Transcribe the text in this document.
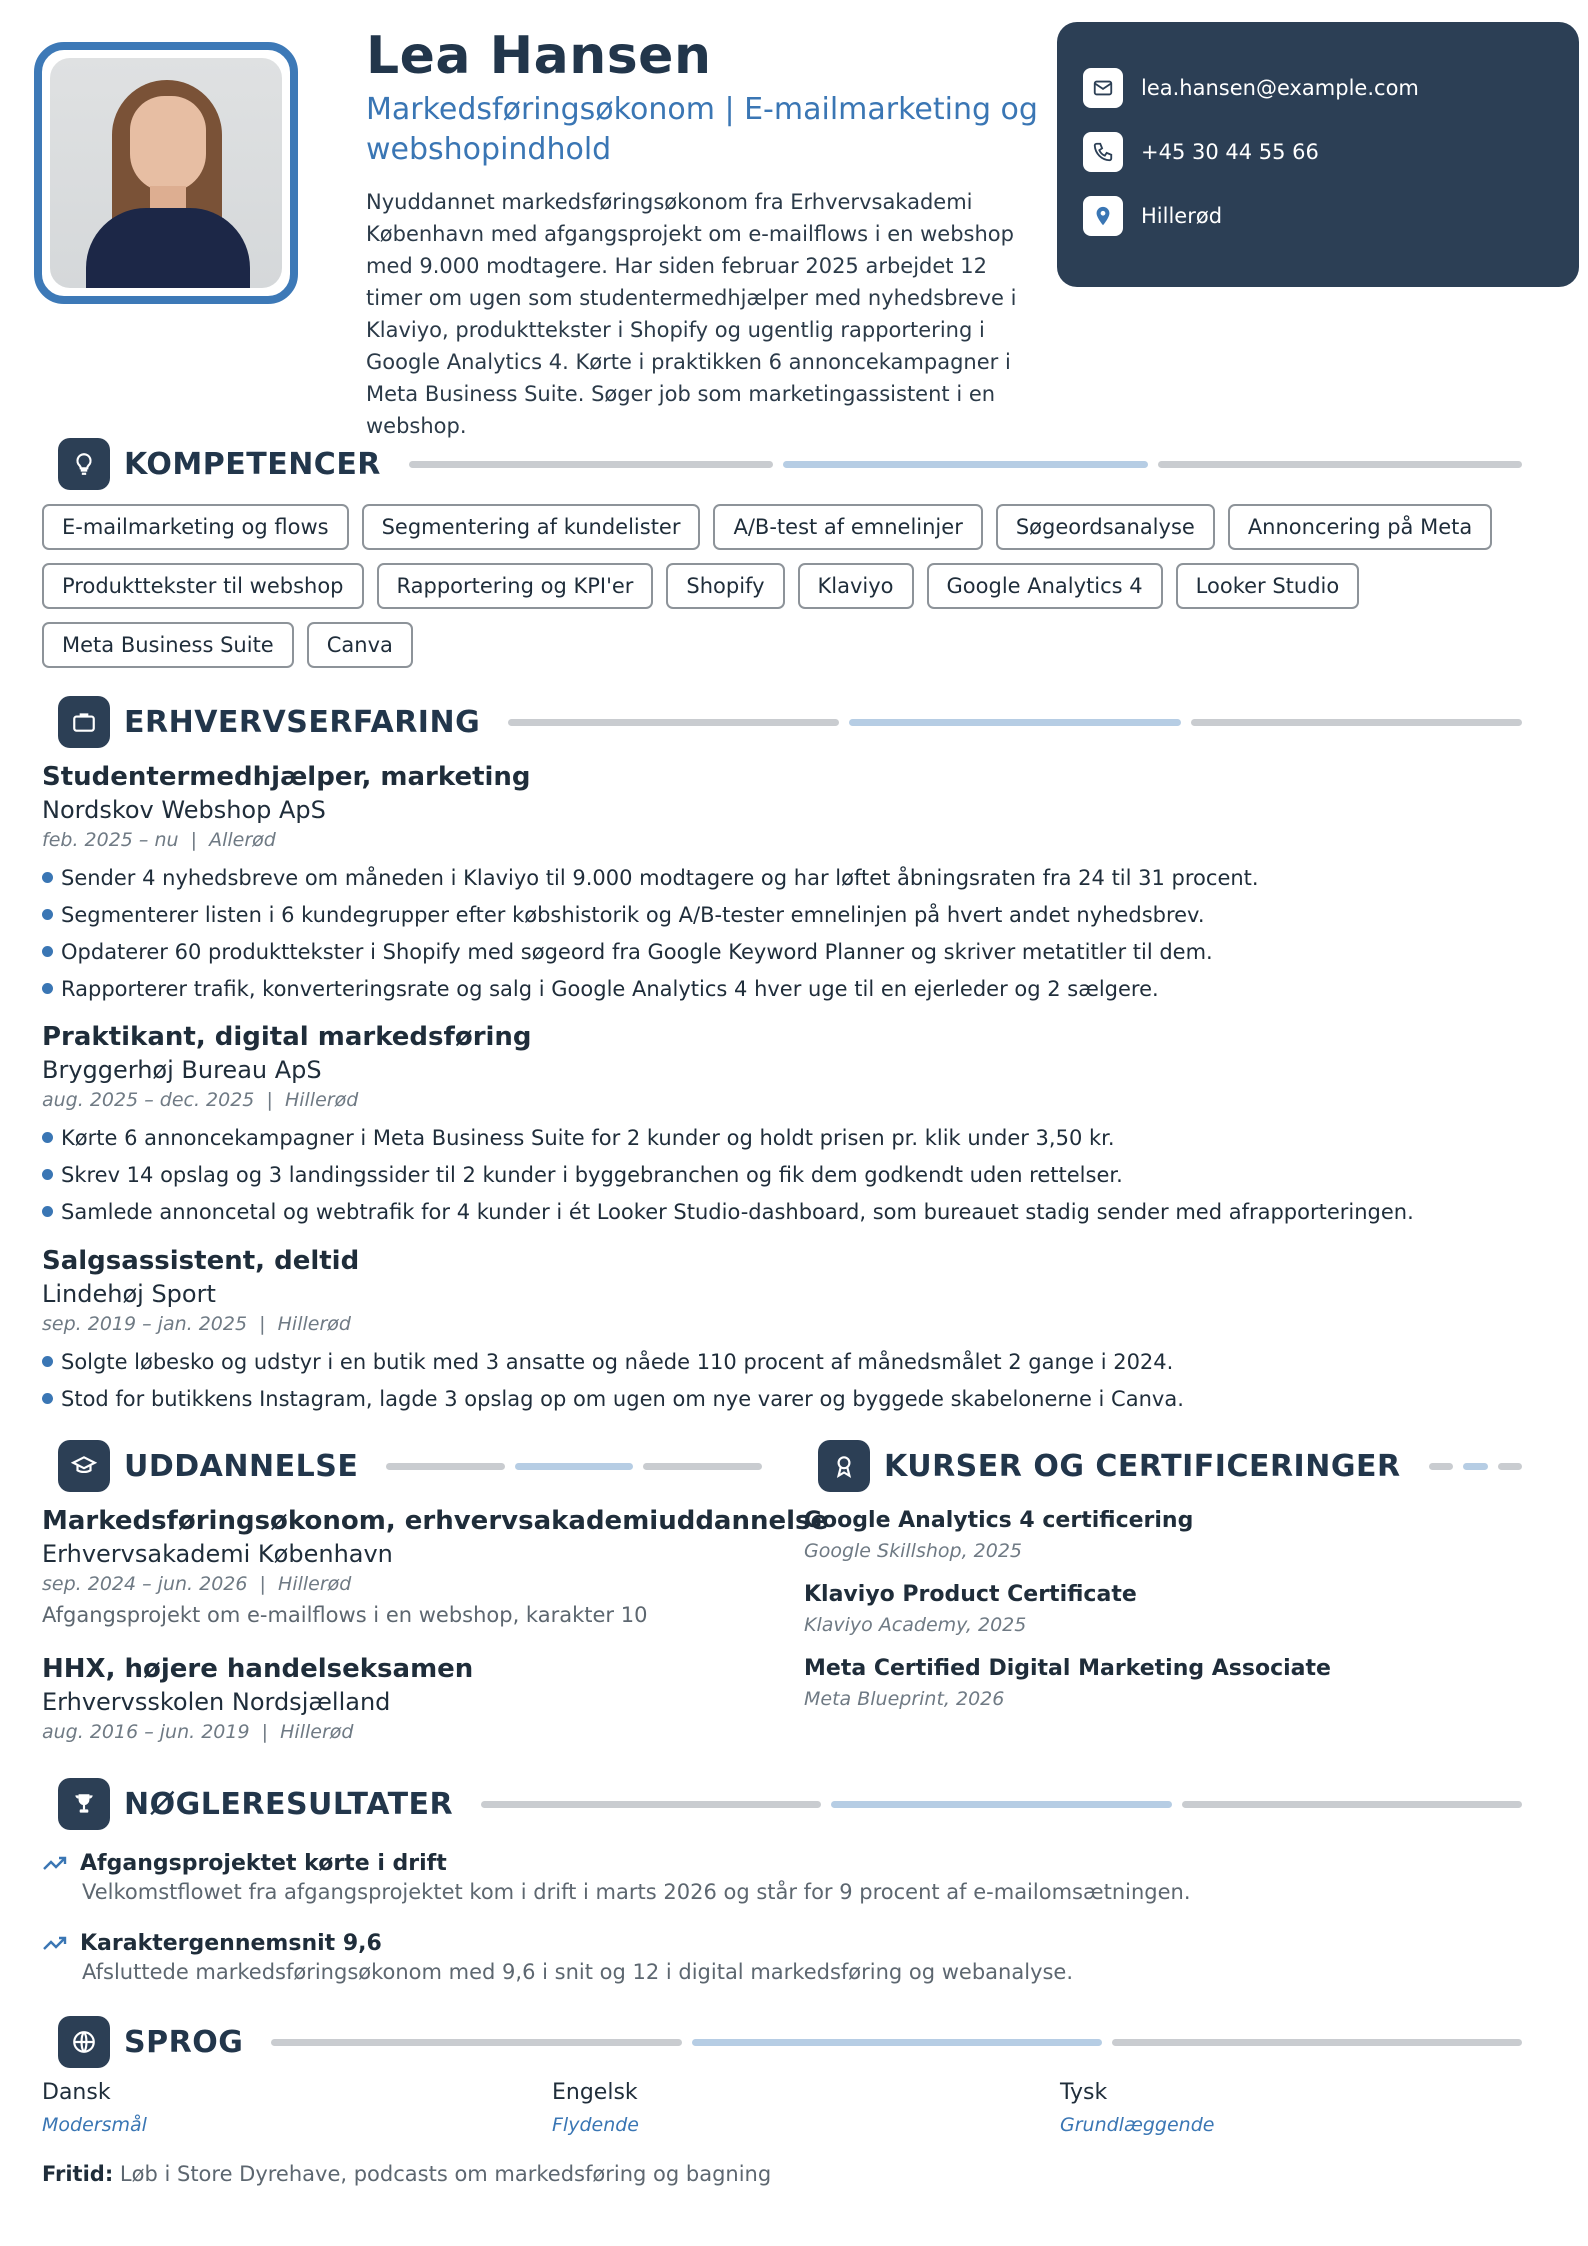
Lea Hansen
Markedsføringsøkonom | E-mailmarketing og webshopindhold
Nyuddannet markedsføringsøkonom fra Erhvervsakademi København med afgangsprojekt om e-mailflows i en webshop med 9.000 modtagere. Har siden februar 2025 arbejdet 12 timer om ugen som studentermedhjælper med nyhedsbreve i Klaviyo, produkttekster i Shopify og ugentlig rapportering i Google Analytics 4. Kørte i praktikken 6 annoncekampagner i Meta Business Suite. Søger job som marketingassistent i en webshop.
lea.hansen@example.com
+45 30 44 55 66
Hillerød
KOMPETENCER
E-mailmarketing og flows	Segmentering af kundelister	A/B-test af emnelinjer	Søgeordsanalyse	Annoncering på Meta
Produkttekster til webshop	Rapportering og KPI'er	Shopify	Klaviyo	Google Analytics 4	Looker Studio
Meta Business Suite	Canva
ERHVERVSERFARING
Studentermedhjælper, marketing
Nordskov Webshop ApS
feb. 2025 – nu  |  Allerød
Sender 4 nyhedsbreve om måneden i Klaviyo til 9.000 modtagere og har løftet åbningsraten fra 24 til 31 procent.
Segmenterer listen i 6 kundegrupper efter købshistorik og A/B-tester emnelinjen på hvert andet nyhedsbrev.
Opdaterer 60 produkttekster i Shopify med søgeord fra Google Keyword Planner og skriver metatitler til dem.
Rapporterer trafik, konverteringsrate og salg i Google Analytics 4 hver uge til en ejerleder og 2 sælgere.
Praktikant, digital markedsføring
Bryggerhøj Bureau ApS
aug. 2025 – dec. 2025  |  Hillerød
Kørte 6 annoncekampagner i Meta Business Suite for 2 kunder og holdt prisen pr. klik under 3,50 kr.
Skrev 14 opslag og 3 landingssider til 2 kunder i byggebranchen og fik dem godkendt uden rettelser.
Samlede annoncetal og webtrafik for 4 kunder i ét Looker Studio-dashboard, som bureauet stadig sender med afrapporteringen.
Salgsassistent, deltid
Lindehøj Sport
sep. 2019 – jan. 2025  |  Hillerød
Solgte løbesko og udstyr i en butik med 3 ansatte og nåede 110 procent af månedsmålet 2 gange i 2024.
Stod for butikkens Instagram, lagde 3 opslag op om ugen om nye varer og byggede skabelonerne i Canva.
UDDANNELSE
Markedsføringsøkonom, erhvervsakademiuddannelse
Erhvervsakademi København
sep. 2024 – jun. 2026  |  Hillerød
Afgangsprojekt om e-mailflows i en webshop, karakter 10
HHX, højere handelseksamen
Erhvervsskolen Nordsjælland
aug. 2016 – jun. 2019  |  Hillerød
KURSER OG CERTIFICERINGER
Google Analytics 4 certificering
Google Skillshop, 2025
Klaviyo Product Certificate
Klaviyo Academy, 2025
Meta Certified Digital Marketing Associate
Meta Blueprint, 2026
NØGLERESULTATER
Afgangsprojektet kørte i drift
Velkomstflowet fra afgangsprojektet kom i drift i marts 2026 og står for 9 procent af e-mailomsætningen.
Karaktergennemsnit 9,6
Afsluttede markedsføringsøkonom med 9,6 i snit og 12 i digital markedsføring og webanalyse.
SPROG
Dansk
Modersmål
Engelsk
Flydende
Tysk
Grundlæggende
Fritid: Løb i Store Dyrehave, podcasts om markedsføring og bagning
